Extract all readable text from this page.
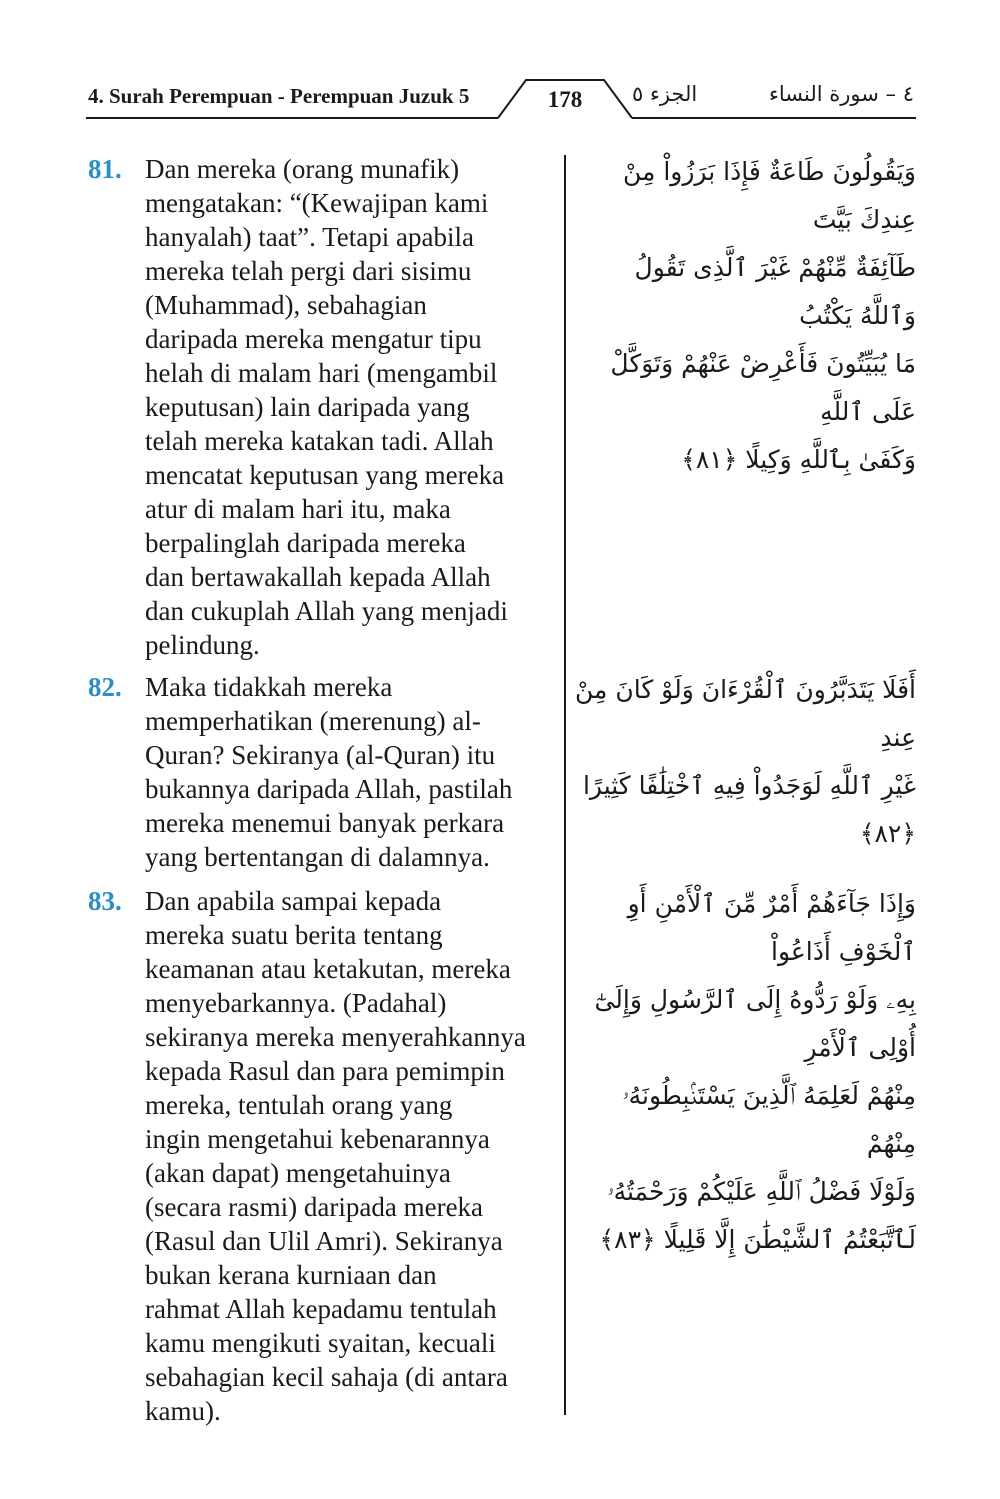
4. Surah Perempuan - Perempuan Juzuk 5	178	الجزء ٥	٤ – سورة النساء
81. Dan mereka (orang munafik)
mengatakan: “(Kewajipan kami
hanyalah) taat”. Tetapi apabila
mereka telah pergi dari sisimu
(Muhammad), sebahagian
daripada mereka mengatur tipu
helah di malam hari (mengambil
keputusan) lain daripada yang
telah mereka katakan tadi. Allah
mencatat keputusan yang mereka
atur di malam hari itu, maka
berpalinglah daripada mereka
dan bertawakallah kepada Allah
dan cukuplah Allah yang menjadi
pelindung.
وَيَقُولُونَ طَاعَةٌ فَإِذَا بَرَزُواْ مِنْ عِندِكَ بَيَّتَ
طَآئِفَةٌ مِّنْهُمْ غَيْرَ ٱلَّذِى تَقُولُ وَٱللَّهُ يَكْتُبُ
مَا يُبَيِّتُونَ فَأَعْرِضْ عَنْهُمْ وَتَوَكَّلْ عَلَى ٱللَّهِ
وَكَفَىٰ بِٱللَّهِ وَكِيلًا ﴿٨١﴾
82. Maka tidakkah mereka
memperhatikan (merenung) al-
Quran? Sekiranya (al-Quran) itu
bukannya daripada Allah, pastilah
mereka menemui banyak perkara
yang bertentangan di dalamnya.
أَفَلَا يَتَدَبَّرُونَ ٱلْقُرْءَانَ وَلَوْ كَانَ مِنْ عِندِ
غَيْرِ ٱللَّهِ لَوَجَدُواْ فِيهِ ٱخْتِلَٰفًا كَثِيرًا ﴿٨٢﴾
83. Dan apabila sampai kepada
mereka suatu berita tentang
keamanan atau ketakutan, mereka
menyebarkannya. (Padahal)
sekiranya mereka menyerahkannya
kepada Rasul dan para pemimpin
mereka, tentulah orang yang
ingin mengetahui kebenarannya
(akan dapat) mengetahuinya
(secara rasmi) daripada mereka
(Rasul dan Ulil Amri). Sekiranya
bukan kerana kurniaan dan
rahmat Allah kepadamu tentulah
kamu mengikuti syaitan, kecuali
sebahagian kecil sahaja (di antara
kamu).
وَإِذَا جَآءَهُمْ أَمْرٌ مِّنَ ٱلْأَمْنِ أَوِ ٱلْخَوْفِ أَذَاعُواْ
بِهِۦ وَلَوْ رَدُّوهُ إِلَى ٱلرَّسُولِ وَإِلَىٰٓ أُوْلِى ٱلْأَمْرِ
مِنْهُمْ لَعَلِمَهُ ٱلَّذِينَ يَسْتَنۢبِطُونَهُۥ مِنْهُمْ
وَلَوْلَا فَضْلُ ٱللَّهِ عَلَيْكُمْ وَرَحْمَتُهُۥ
لَٱتَّبَعْتُمُ ٱلشَّيْطَٰنَ إِلَّا قَلِيلًا ﴿٨٣﴾
